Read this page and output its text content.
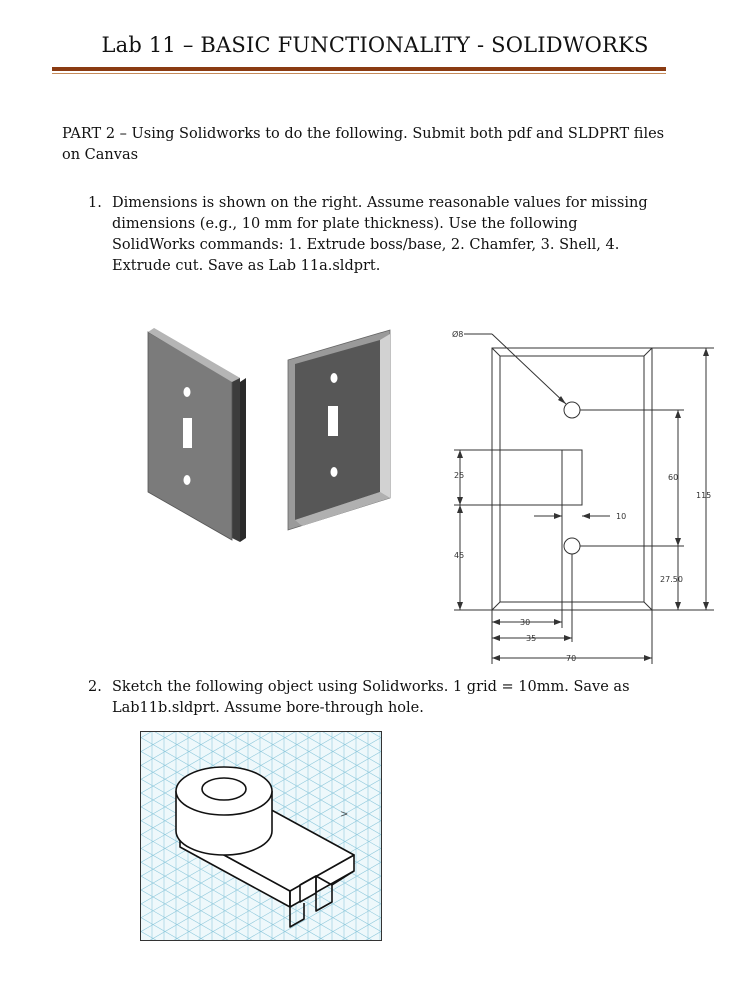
Lab 11 – BASIC FUNCTIONALITY - SOLIDWORKS
PART 2 – Using Solidworks to do the following. Submit both pdf and SLDPRT files on Canvas
1. Dimensions is shown on the right. Assume reasonable values for missing dimensions (e.g., 10 mm for plate thickness). Use the following SolidWorks commands: 1. Extrude boss/base, 2. Chamfer, 3. Shell, 4. Extrude cut. Save as Lab 11a.sldprt.
Ø8
25
45
60
115
27.50
10
30
35
70
2. Sketch the following object using Solidworks. 1 grid = 10mm. Save as Lab11b.sldprt. Assume bore-through hole.
>
